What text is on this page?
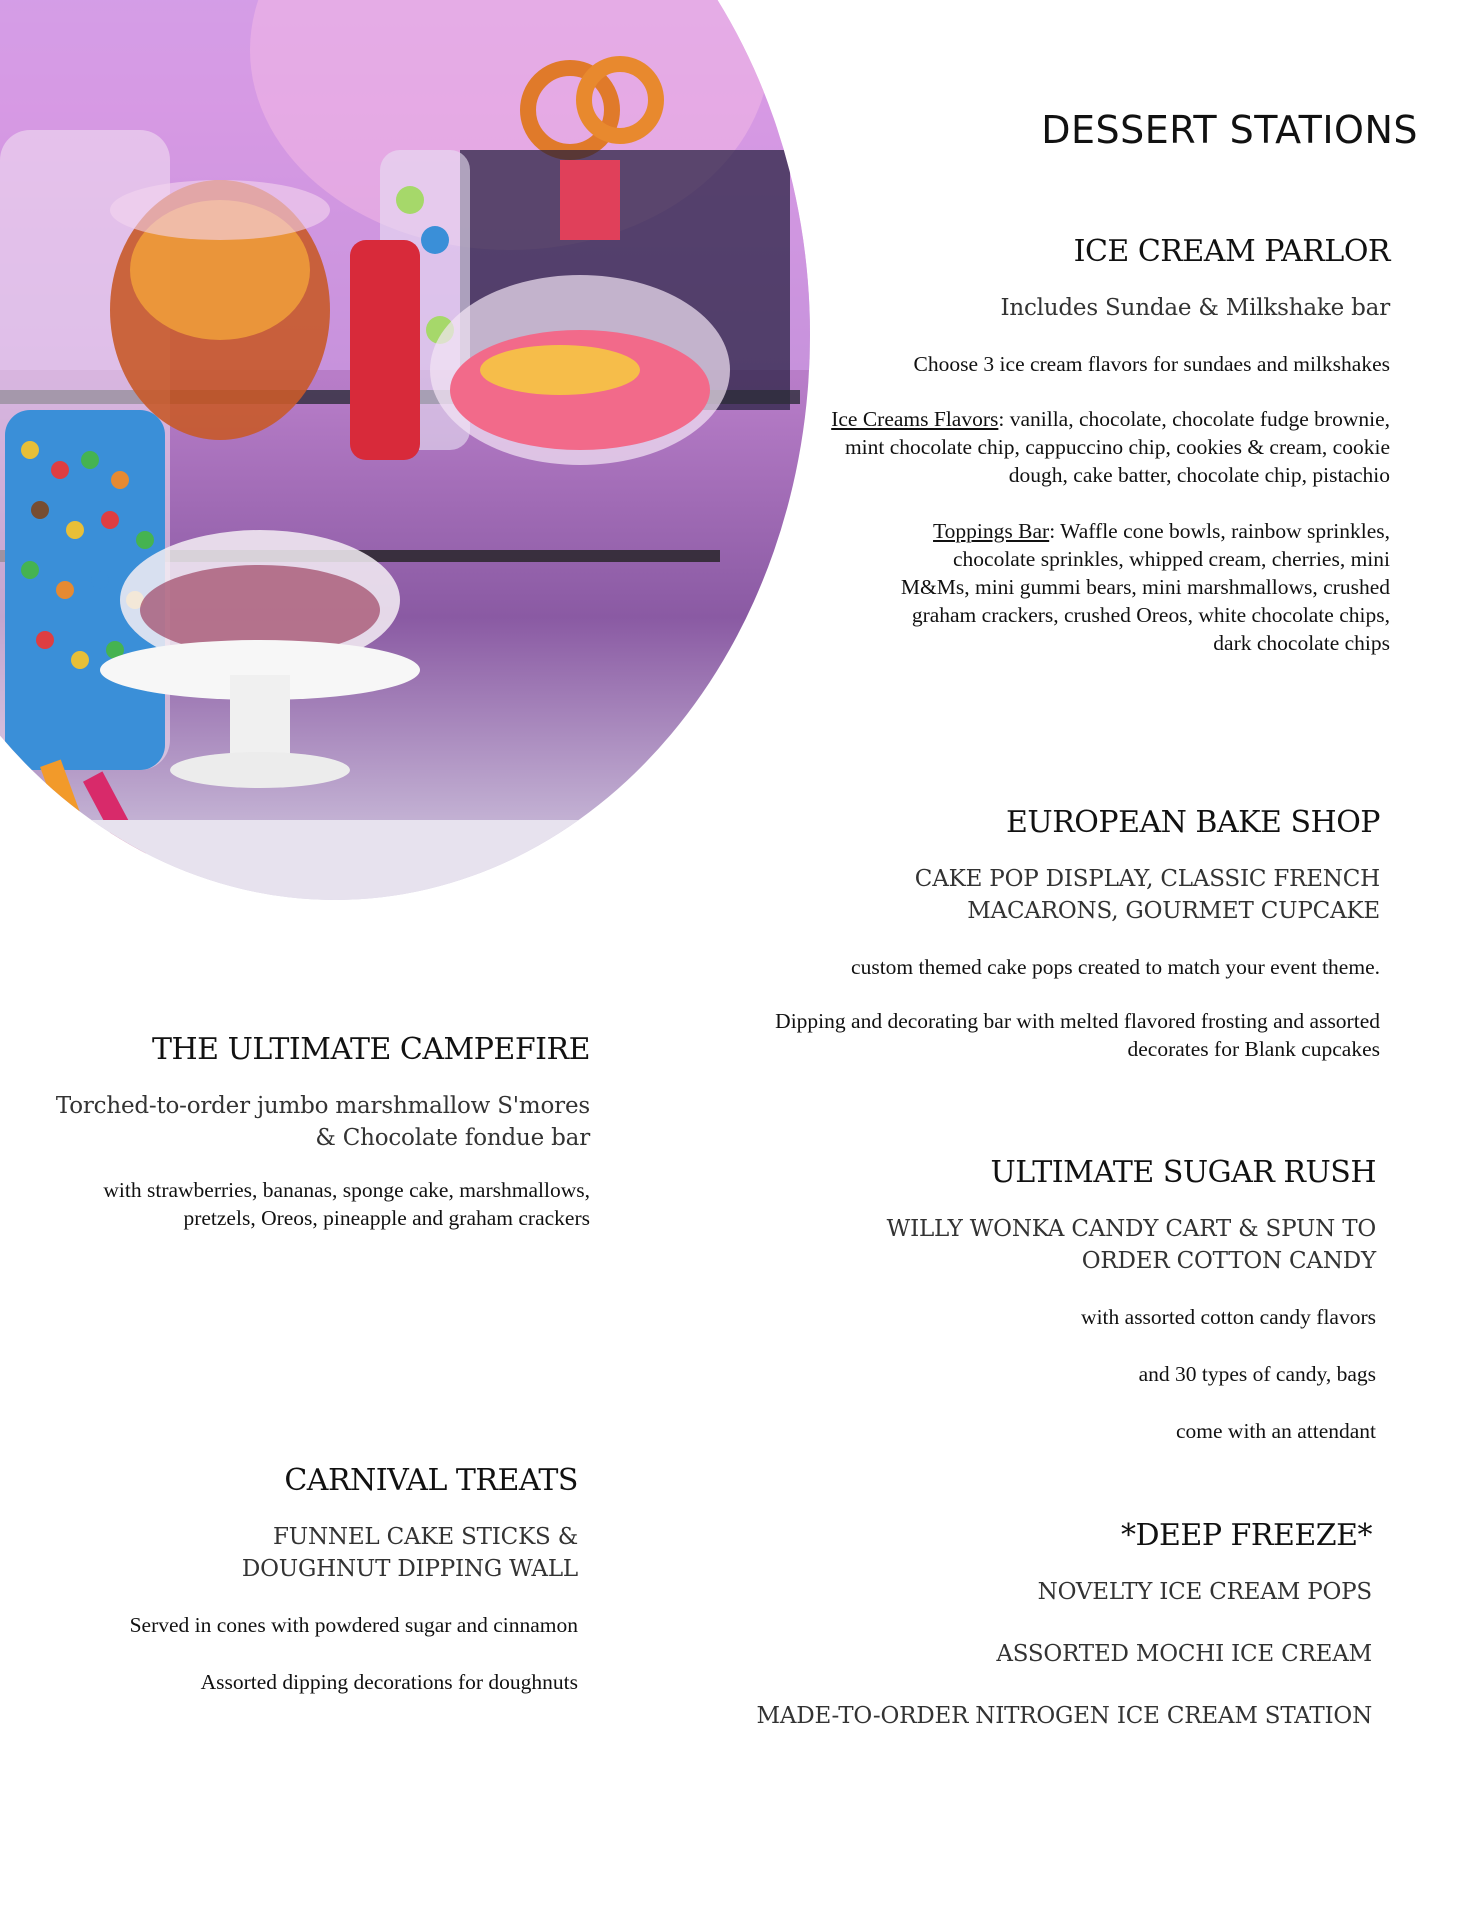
DESSERT STATIONS
ICE CREAM PARLOR

Includes Sundae & Milkshake bar

Choose 3 ice cream flavors for sundaes and milkshakes

Ice Creams Flavors: vanilla, chocolate, chocolate fudge brownie, mint chocolate chip, cappuccino chip, cookies & cream, cookie dough, cake batter, chocolate chip, pistachio

Toppings Bar: Waffle cone bowls, rainbow sprinkles, chocolate sprinkles, whipped cream, cherries, mini M&Ms, mini gummi bears, mini marshmallows, crushed graham crackers, crushed Oreos, white chocolate chips, dark chocolate chips

EUROPEAN BAKE SHOP

CAKE POP DISPLAY, CLASSIC FRENCH MACARONS, GOURMET CUPCAKE

custom themed cake pops created to match your event theme.

Dipping and decorating bar with melted flavored frosting and assorted decorates for Blank cupcakes

THE ULTIMATE CAMPEFIRE

Torched-to-order jumbo marshmallow S'mores & Chocolate fondue bar

with strawberries, bananas, sponge cake, marshmallows, pretzels, Oreos, pineapple and graham crackers

ULTIMATE SUGAR RUSH

WILLY WONKA CANDY CART & SPUN TO ORDER COTTON CANDY

with assorted cotton candy flavors

and 30 types of candy, bags

come with an attendant

CARNIVAL TREATS

FUNNEL CAKE STICKS & DOUGHNUT DIPPING WALL

Served in cones with powdered sugar and cinnamon

Assorted dipping decorations for doughnuts

*DEEP FREEZE*

NOVELTY ICE CREAM POPS

ASSORTED MOCHI ICE CREAM

MADE-TO-ORDER NITROGEN ICE CREAM STATION
